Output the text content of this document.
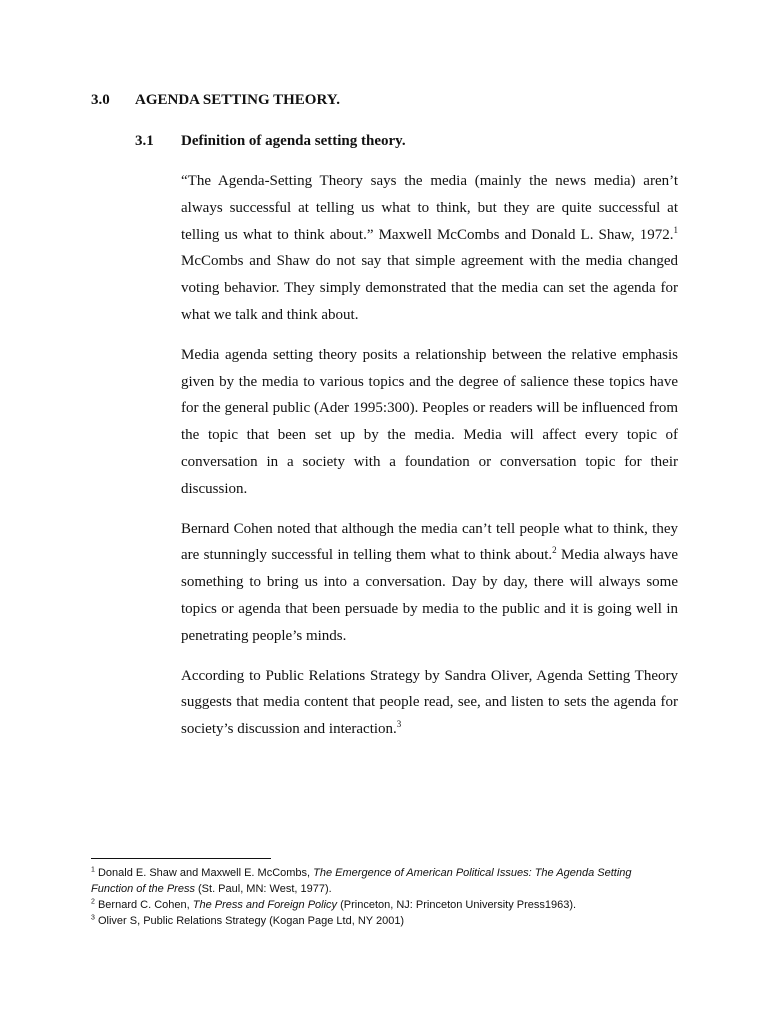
3.0 AGENDA SETTING THEORY.
3.1 Definition of agenda setting theory.

“The Agenda-Setting Theory says the media (mainly the news media) aren’t always successful at telling us what to think, but they are quite successful at telling us what to think about.” Maxwell McCombs and Donald L. Shaw, 1972.$^1$ McCombs and Shaw do not say that simple agreement with the media changed voting behavior. They simply demonstrated that the media can set the agenda for what we talk and think about.

Media agenda setting theory posits a relationship between the relative emphasis given by the media to various topics and the degree of salience these topics have for the general public (Ader 1995:300). Peoples or readers will be influenced from the topic that been set up by the media. Media will affect every topic of conversation in a society with a foundation or conversation topic for their discussion.

Bernard Cohen noted that although the media can’t tell people what to think, they are stunningly successful in telling them what to think about.$^2$ Media always have something to bring us into a conversation. Day by day, there will always some topics or agenda that been persuade by media to the public and it is going well in penetrating people’s minds.

According to Public Relations Strategy by Sandra Oliver, Agenda Setting Theory suggests that media content that people read, see, and listen to sets the agenda for society’s discussion and interaction.$^3$

$^1$ Donald E. Shaw and Maxwell E. McCombs, The Emergence of American Political Issues: The Agenda Setting Function of the Press (St. Paul, MN: West, 1977).
$^2$ Bernard C. Cohen, The Press and Foreign Policy (Princeton, NJ: Princeton University Press1963).
$^3$ Oliver S, Public Relations Strategy (Kogan Page Ltd, NY 2001)
